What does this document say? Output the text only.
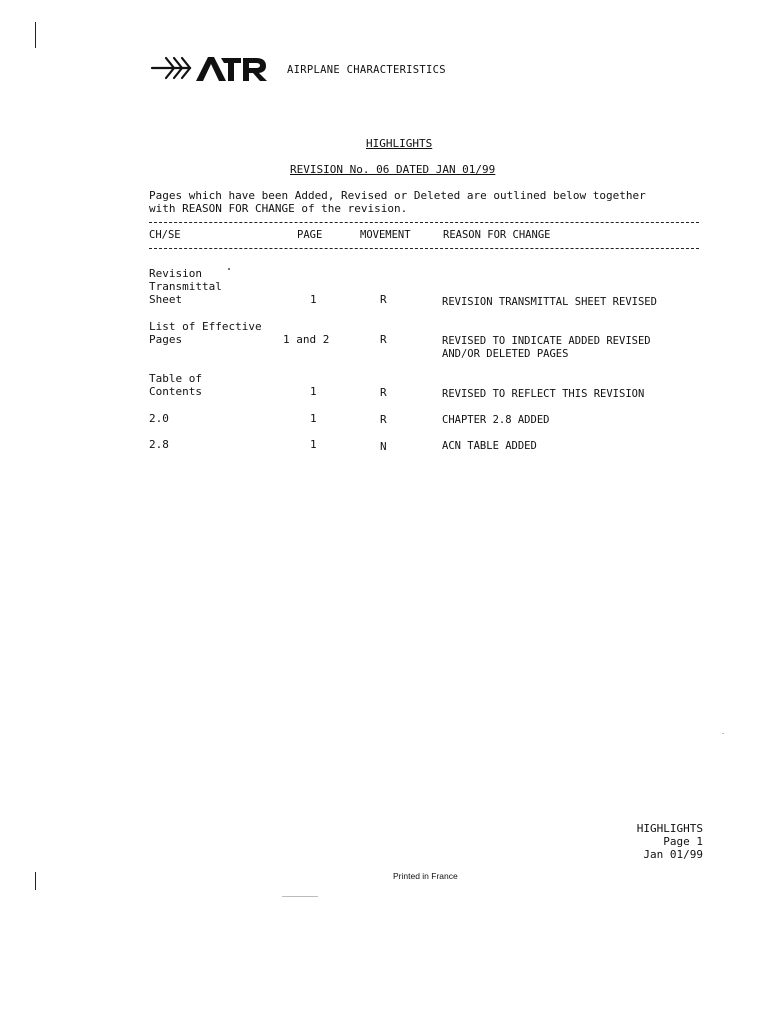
AIRPLANE CHARACTERISTICS
HIGHLIGHTS
REVISION No. 06 DATED JAN 01/99
Pages which have been Added, Revised or Deleted are outlined below together
with REASON FOR CHANGE of the revision.
CH/SE	PAGE	MOVEMENT	REASON FOR CHANGE
Revision
Transmittal
Sheet	1	R	REVISION TRANSMITTAL SHEET REVISED
List of Effective
Pages	1 and 2	R	REVISED TO INDICATE ADDED REVISED
AND/OR DELETED PAGES
Table of
Contents	1	R	REVISED TO REFLECT THIS REVISION
2.0	1	R	CHAPTER 2.8 ADDED
2.8	1	N	ACN TABLE ADDED
HIGHLIGHTS
Page 1
Jan 01/99
Printed in France
